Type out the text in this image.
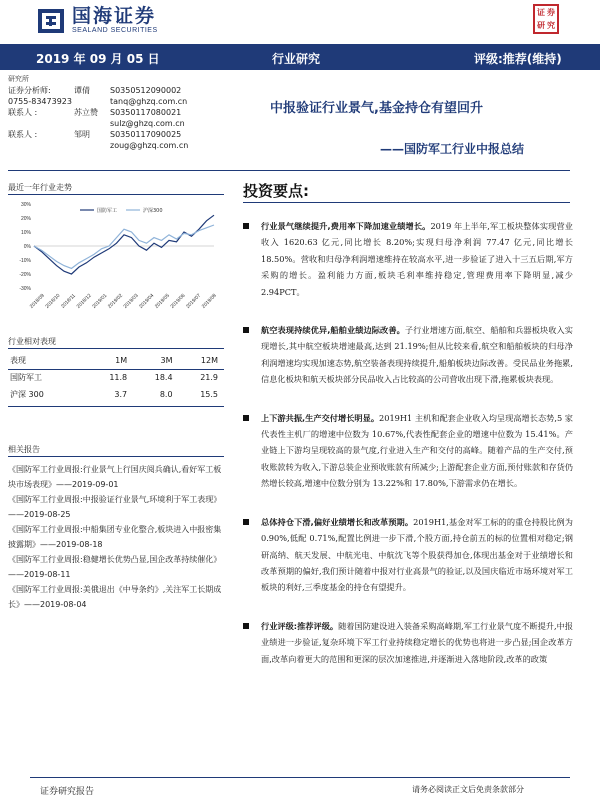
国海证券
SEALAND SECURITIES
证 券
研 究
2019 年 09 月 05 日	行业研究	评级:推荐(维持)
研究所
证券分析师:	谭倩	S0350512090002
0755-83473923	tanq@ghzq.com.cn
联系人 :	苏立赞	S0350117080021
sulz@ghzq.com.cn
联系人 :	邹明	S0350117090025
zoug@ghzq.com.cn
中报验证行业景气,基金持仓有望回升
——国防军工行业中报总结
最近一年行业走势
30%
20%
10%
0%
-10%
-20%
-30%
2018/09
2018/10
2018/11
2018/12
2019/01
2019/02
2019/03
2019/04
2019/05
2019/06
2019/07
2019/08
国防军工	沪深300
行业相对表现
表现	1M	3M	12M
国防军工	11.8	18.4	21.9
沪深 300	3.7	8.0	15.5
相关报告
《国防军工行业周报:行业景气上行国庆阅兵确认,看好军工板块市场表现》——2019-09-01
《国防军工行业周报:中报验证行业景气,环境利于军工表现》——2019-08-25
《国防军工行业周报:中船集团专业化整合,板块进入中报密集披露期》——2019-08-18
《国防军工行业周报:稳健增长优势凸显,国企改革持续催化》——2019-08-11
《国防军工行业周报:美俄退出《中导条约》,关注军工长期成长》——2019-08-04
投资要点:

行业景气继续提升,费用率下降加速业绩增长。2019 年上半年,军工板块整体实现营业收入 1620.63 亿元,同比增长 8.20%;实现归母净利润 77.47 亿元,同比增长 18.50%。营收和归母净利润增速维持在较高水平,进一步验证了进入十三五后期,军方采购的增长。盈利能力方面,板块毛利率维持稳定,管理费用率下降明显,减少 2.94PCT。

航空表现持续优异,船舶业绩边际改善。子行业增速方面,航空、船舶和兵器板块收入实现增长,其中航空板块增速最高,达到 21.19%;但从比较来看,航空和船舶板块的归母净利润增速均实现加速态势,航空装备表现持续提升,船舶板块边际改善。受民品业务拖累,信息化板块和航天板块部分民品收入占比较高的公司营收出现下滑,拖累板块表现。

上下游共振,生产交付增长明显。2019H1 主机和配套企业收入均呈现高增长态势,5 家代表性主机厂的增速中位数为 10.67%,代表性配套企业的增速中位数为 15.41%。产业链上下游均呈现较高的景气度,行业进入生产和交付的高峰。随着产品的生产交付,预收账款转为收入,下游总装企业预收账款有所减少;上游配套企业方面,预付账款和存货仍然增长较高,增速中位数分别为 13.22%和 17.80%,下游需求仍在增长。

总体持仓下滑,偏好业绩增长和改革预期。2019H1,基金对军工标的的重仓持股比例为 0.90%,低配 0.71%,配置比例进一步下滑,个股方面,持仓前五的标的位置相对稳定;钢研高纳、航天发展、中航光电、中航沈飞等个股获得加仓,体现出基金对于业绩增长和改革预期的偏好,我们预计随着中报对行业高景气的验证,以及国庆临近市场环境对军工板块的利好,三季度基金的持仓有望提升。

行业评级:推荐评级。随着国防建设进入装备采购高峰期,军工行业景气度不断提升,中报业绩进一步验证,复杂环境下军工行业持续稳定增长的优势也将进一步凸显;国企改革方面,改革向着更大的范围和更深的层次加速推进,并逐渐进入落地阶段,改革的政策

证券研究报告	请务必阅读正文后免责条款部分
